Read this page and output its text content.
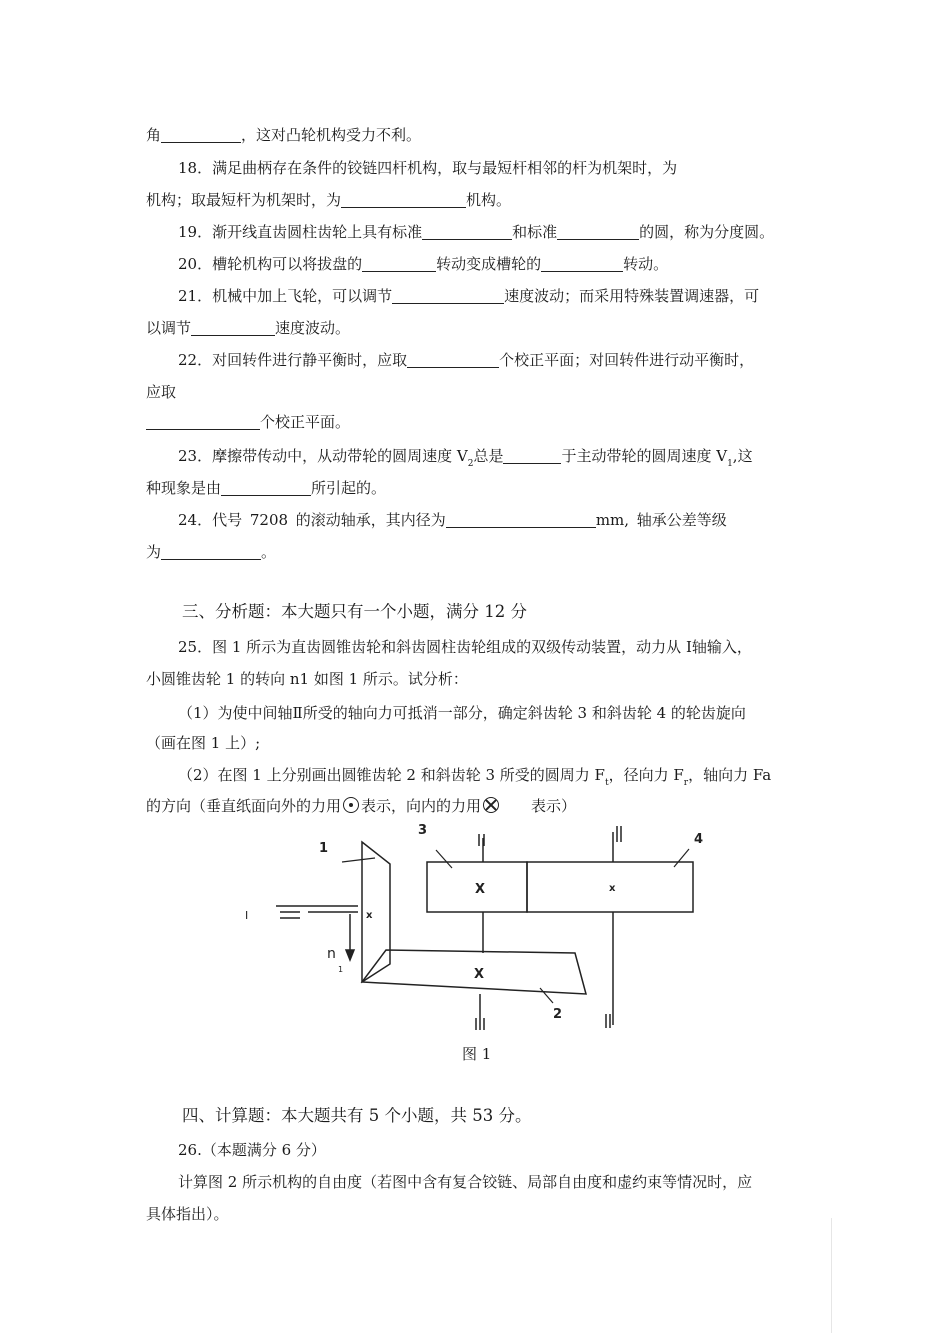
角	，这对凸轮机构受力不利。
18．满足曲柄存在条件的铰链四杆机构，取与最短杆相邻的杆为机架时，为
机构；取最短杆为机架时，为	机构。
19．渐开线直齿圆柱齿轮上具有标准	和标准	的圆，称为分度圆。
20．槽轮机构可以将拔盘的	转动变成槽轮的	转动。
21．机械中加上飞轮，可以调节	速度波动；而采用特殊装置调速器，可
以调节	速度波动。
22．对回转件进行静平衡时，应取	个校正平面；对回转件进行动平衡时，
应取
个校正平面。
23．摩擦带传动中，从动带轮的圆周速度 $V_2$总是	于主动带轮的圆周速度 $V_1$,这
种现象是由	所引起的。
24．代号 7208 的滚动轴承，其内径为	mm, 轴承公差等级
为	。
三、分析题：本大题只有一个小题，满分 12 分
25．图 1 所示为直齿圆锥齿轮和斜齿圆柱齿轮组成的双级传动装置，动力从 I轴输入，
小圆锥齿轮 1 的转向 n1 如图 1 所示。试分析：
（1）为使中间轴Ⅱ所受的轴向力可抵消一部分，确定斜齿轮 3 和斜齿轮 4 的轮齿旋向
（画在图 1 上）;
（2）在图 1 上分别画出圆锥齿轮 2 和斜齿轮 3 所受的圆周力 $F_t$，径向力 $F_r$，轴向力 Fa
的方向（垂直纸面向外的力用 表示，向内的力用	表示）
1
2
3
4
I
n
1
X	x
x
X
图 1
四、计算题：本大题共有 5 个小题，共 53 分。
26.（本题满分 6 分）
计算图 2 所示机构的自由度（若图中含有复合铰链、局部自由度和虚约束等情况时，应
具体指出）。
